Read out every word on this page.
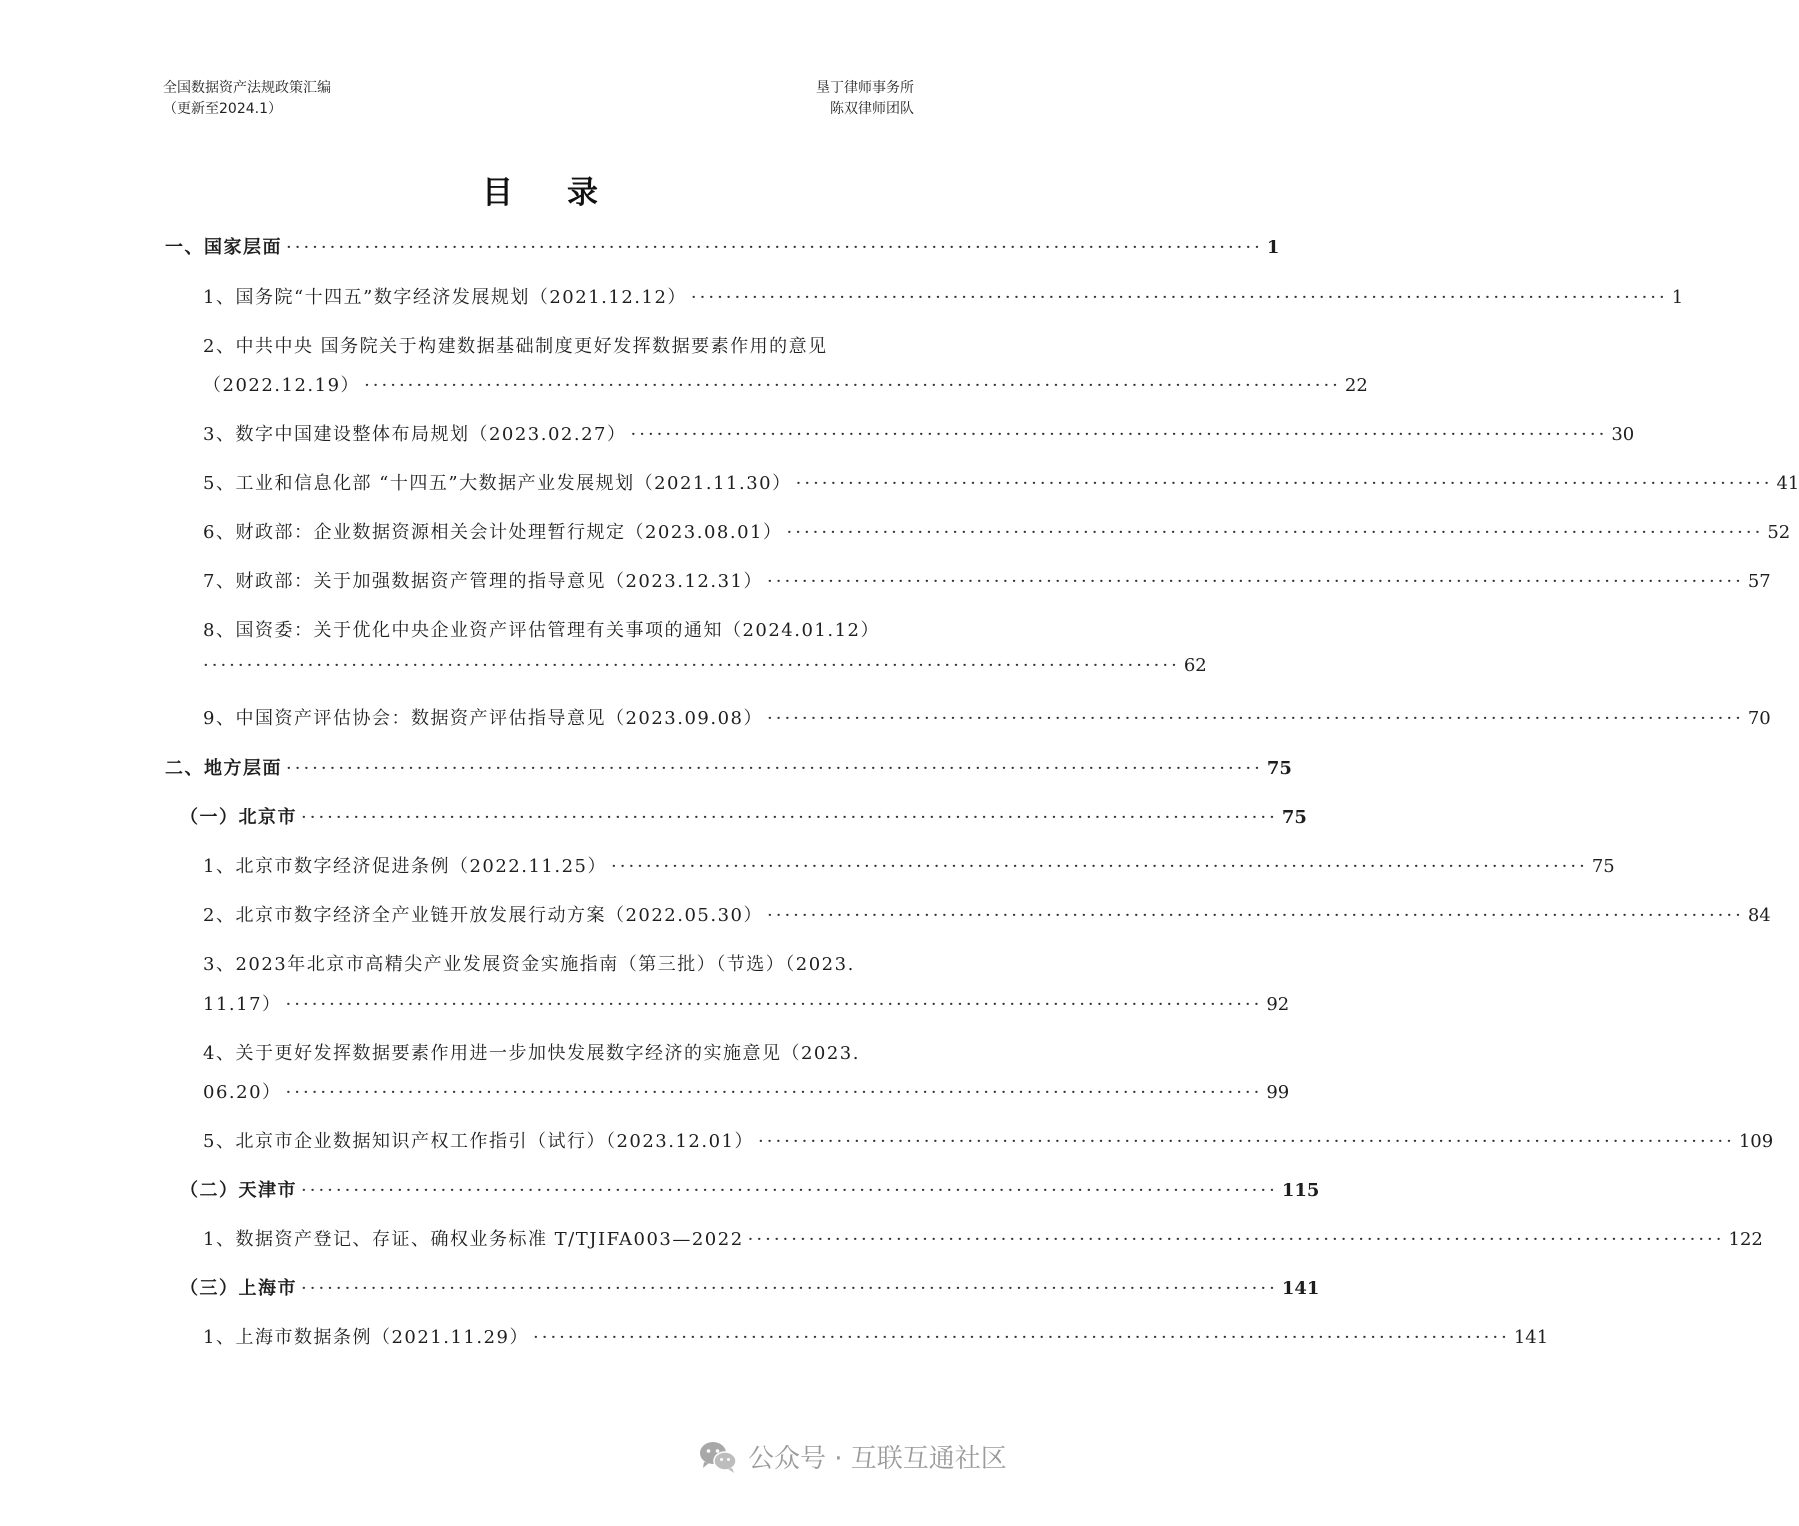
全国数据资产法规政策汇编
（更新至2024.1）
垦丁律师事务所
陈双律师团队
目录
一、国家层面 ················································································································ 1
1、国务院“十四五”数字经济发展规划（2021.12.12） ················································································································ 1
2、中共中央 国务院关于构建数据基础制度更好发挥数据要素作用的意见
（2022.12.19） ················································································································ 22
3、数字中国建设整体布局规划（2023.02.27） ················································································································ 30
5、工业和信息化部 “十四五”大数据产业发展规划（2021.11.30） ················································································································ 41
6、财政部：企业数据资源相关会计处理暂行规定（2023.08.01） ················································································································ 52
7、财政部：关于加强数据资产管理的指导意见（2023.12.31） ················································································································ 57
8、国资委：关于优化中央企业资产评估管理有关事项的通知（2024.01.12）
················································································································ 62
9、中国资产评估协会：数据资产评估指导意见（2023.09.08） ················································································································ 70
二、地方层面 ················································································································ 75
（一）北京市 ················································································································ 75
1、北京市数字经济促进条例（2022.11.25） ················································································································ 75
2、北京市数字经济全产业链开放发展行动方案（2022.05.30） ················································································································ 84
3、2023年北京市高精尖产业发展资金实施指南（第三批）（节选）（2023.
11.17） ················································································································ 92
4、关于更好发挥数据要素作用进一步加快发展数字经济的实施意见（2023.
06.20） ················································································································ 99
5、北京市企业数据知识产权工作指引（试行）（2023.12.01） ················································································································ 109
（二）天津市 ················································································································ 115
1、数据资产登记、存证、确权业务标准 T/TJIFA003—2022 ················································································································ 122
（三）上海市 ················································································································ 141
1、上海市数据条例（2021.11.29） ················································································································ 141
公众号 · 互联互通社区
